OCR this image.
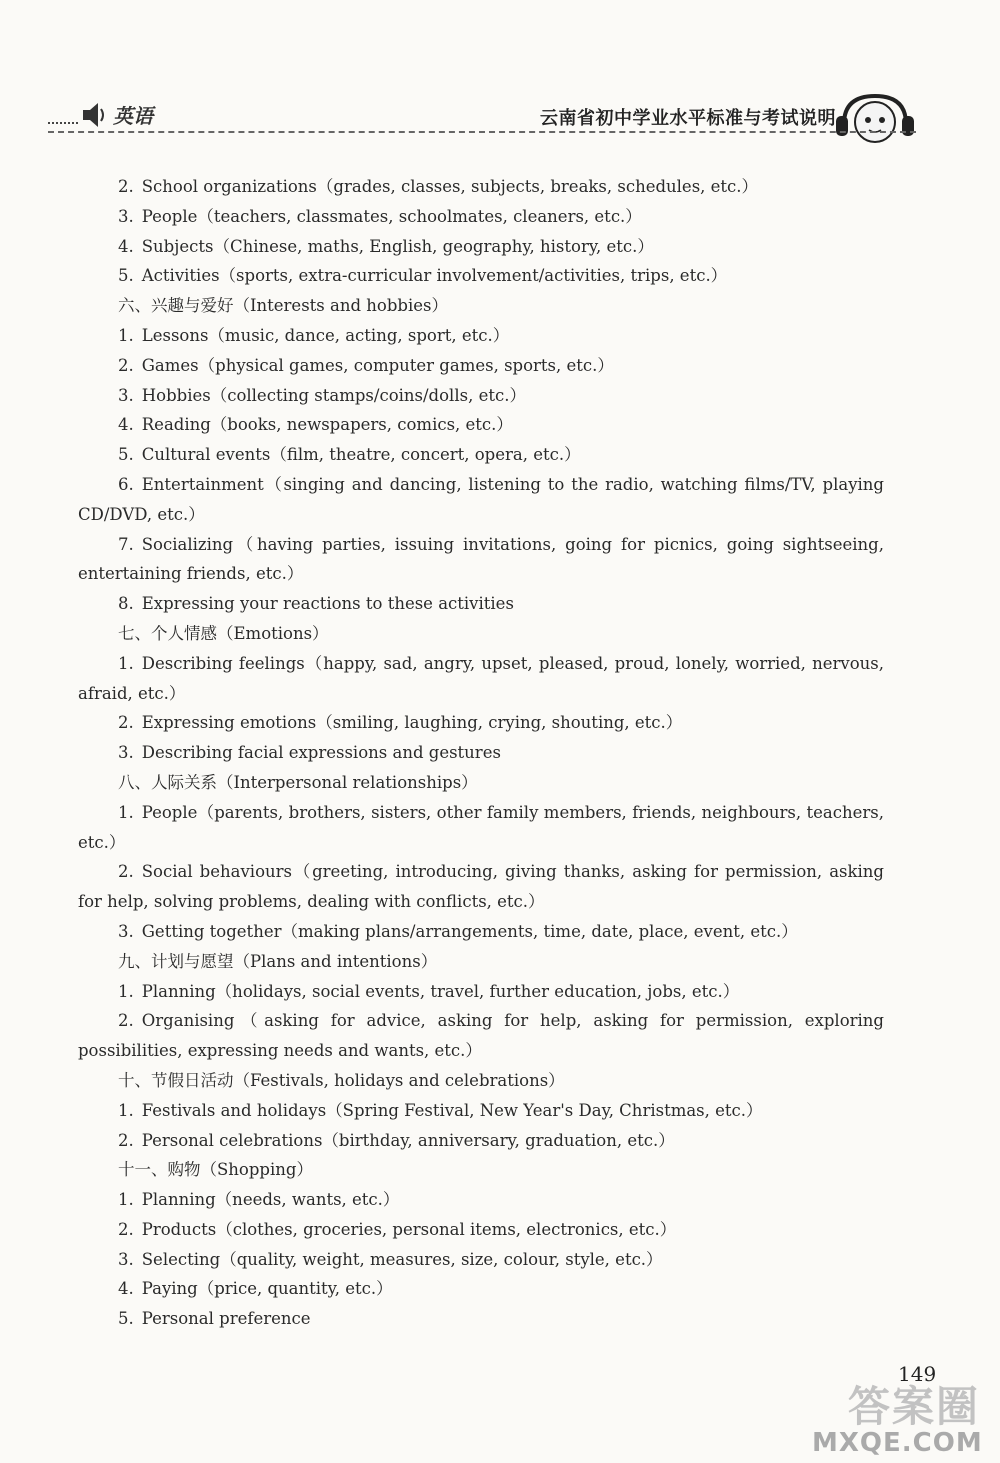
英语	云南省初中学业水平标准与考试说明
2. School organizations（grades, classes, subjects, breaks, schedules, etc.）
3. People（teachers, classmates, schoolmates, cleaners, etc.）
4. Subjects（Chinese, maths, English, geography, history, etc.）
5. Activities（sports, extra-curricular involvement/activities, trips, etc.）
六、兴趣与爱好（Interests and hobbies）
1. Lessons（music, dance, acting, sport, etc.）
2. Games（physical games, computer games, sports, etc.）
3. Hobbies（collecting stamps/coins/dolls, etc.）
4. Reading（books, newspapers, comics, etc.）
5. Cultural events（film, theatre, concert, opera, etc.）
6. Entertainment（singing and dancing, listening to the radio, watching films/TV, playing CD/DVD, etc.）
7. Socializing（having parties, issuing invitations, going for picnics, going sightseeing, entertaining friends, etc.）
8. Expressing your reactions to these activities
七、个人情感（Emotions）
1. Describing feelings（happy, sad, angry, upset, pleased, proud, lonely, worried, nervous, afraid, etc.）
2. Expressing emotions（smiling, laughing, crying, shouting, etc.）
3. Describing facial expressions and gestures
八、人际关系（Interpersonal relationships）
1. People（parents, brothers, sisters, other family members, friends, neighbours, teachers, etc.）
2. Social behaviours（greeting, introducing, giving thanks, asking for permission, asking for help, solving problems, dealing with conflicts, etc.）
3. Getting together（making plans/arrangements, time, date, place, event, etc.）
九、计划与愿望（Plans and intentions）
1. Planning（holidays, social events, travel, further education, jobs, etc.）
2. Organising（asking for advice, asking for help, asking for permission, exploring possibilities, expressing needs and wants, etc.）
十、节假日活动（Festivals, holidays and celebrations）
1. Festivals and holidays（Spring Festival, New Year's Day, Christmas, etc.）
2. Personal celebrations（birthday, anniversary, graduation, etc.）
十一、购物（Shopping）
1. Planning（needs, wants, etc.）
2. Products（clothes, groceries, personal items, electronics, etc.）
3. Selecting（quality, weight, measures, size, colour, style, etc.）
4. Paying（price, quantity, etc.）
5. Personal preference
149
答案圈
MXQE.COM
